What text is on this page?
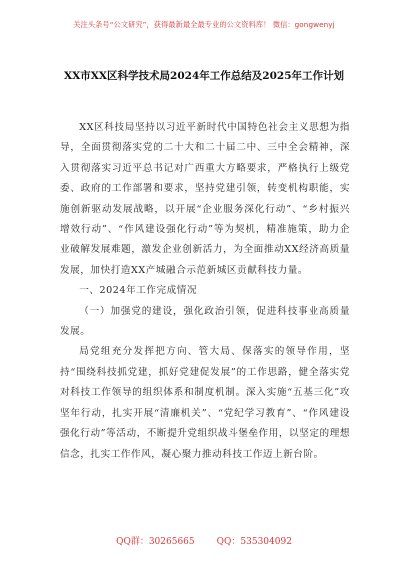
关注头条号“公文研究”，获得最新最全最专业的公文资料库！ 微信：gongwenyj
XX市XX区科学技术局2024年工作总结及2025年工作计划

XX区科技局坚持以习近平新时代中国特色社会主义思想为指导，全面贯彻落实党的二十大和二十届二中、三中全会精神，深入贯彻落实习近平总书记对广西重大方略要求，严格执行上级党委、政府的工作部署和要求，坚持党建引领，转变机构职能，实施创新驱动发展战略，以开展“企业服务深化行动”、“乡村振兴增效行动”、“作风建设强化行动”等为契机，精准施策，助力企业破解发展难题，激发企业创新活力，为全面推动XX经济高质量发展，加快打造XX产城融合示范新城区贡献科技力量。

一、2024年工作完成情况

（一）加强党的建设，强化政治引领，促进科技事业高质量发展。

局党组充分发挥把方向、管大局、保落实的领导作用，坚持“围绕科技抓党建，抓好党建促发展”的工作思路，健全落实党对科技工作领导的组织体系和制度机制。深入实施“五基三化”攻坚年行动，扎实开展“清廉机关”、“党纪学习教育”、“作风建设强化行动”等活动，不断提升党组织战斗堡垒作用，以坚定的理想信念，扎实工作作风，凝心聚力推动科技工作迈上新台阶。

QQ群：30265665 QQ：535304092
